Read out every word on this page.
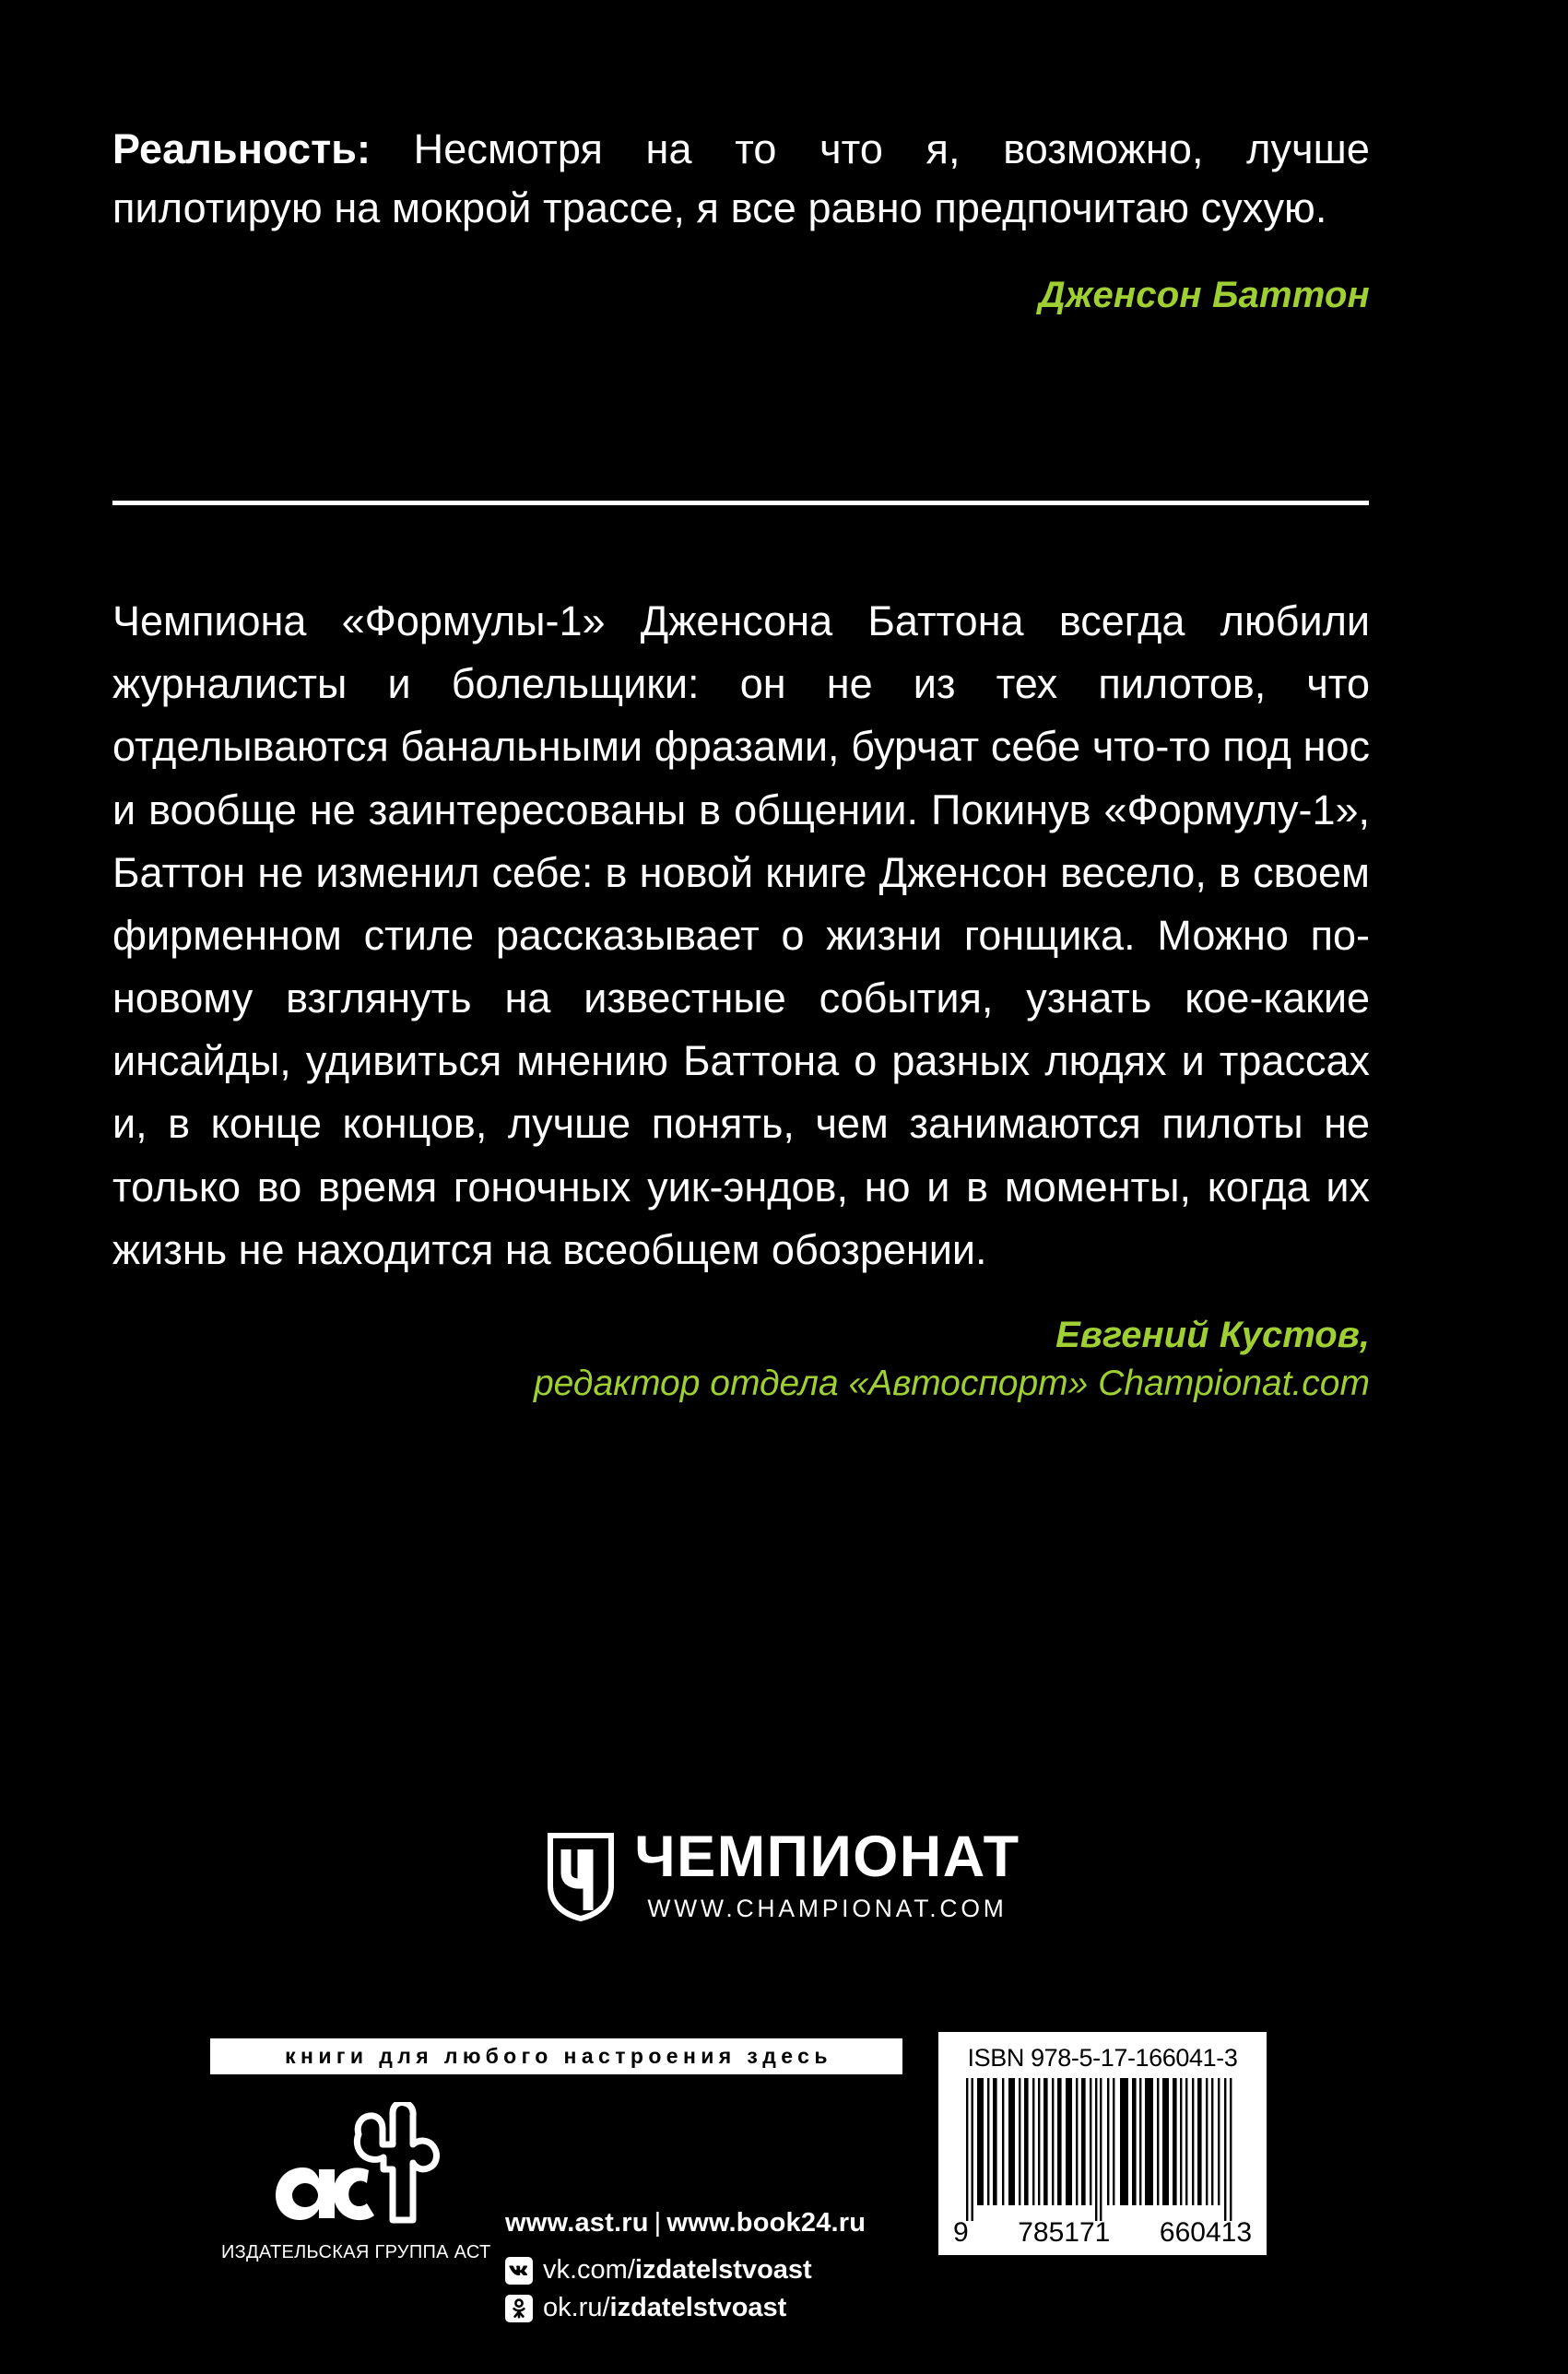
Реальность: Несмотря на то что я, возможно, лучше пилотирую на мокрой трассе, я все равно предпочитаю сухую.

Дженсон Баттон

Чемпиона «Формулы-1» Дженсона Баттона всегда любили журналисты и болельщики: он не из тех пилотов, что отделываются банальными фразами, бурчат себе что-то под нос и вообще не заинтересованы в общении. Покинув «Формулу-1», Баттон не изменил себе: в новой книге Дженсон весело, в своем фирменном стиле рассказывает о жизни гонщика. Можно по-новому взглянуть на известные события, узнать кое-какие инсайды, удивиться мнению Баттона о разных людях и трассах и, в конце концов, лучше понять, чем занимаются пилоты не только во время гоночных уик-эндов, но и в моменты, когда их жизнь не находится на всеобщем обозрении.

Евгений Кустов,
редактор отдела «Автоспорт» Championat.com
ЧЕМПИОНАТ
WWW.CHAMPIONAT.COM
книги для любого настроения здесь
ИЗДАТЕЛЬСКАЯ ГРУППА АСТ
www.ast.ru | www.book24.ru
vk.com/izdatelstvoast
ok.ru/izdatelstvoast
ISBN 978-5-17-166041-3
9 785171 660413
